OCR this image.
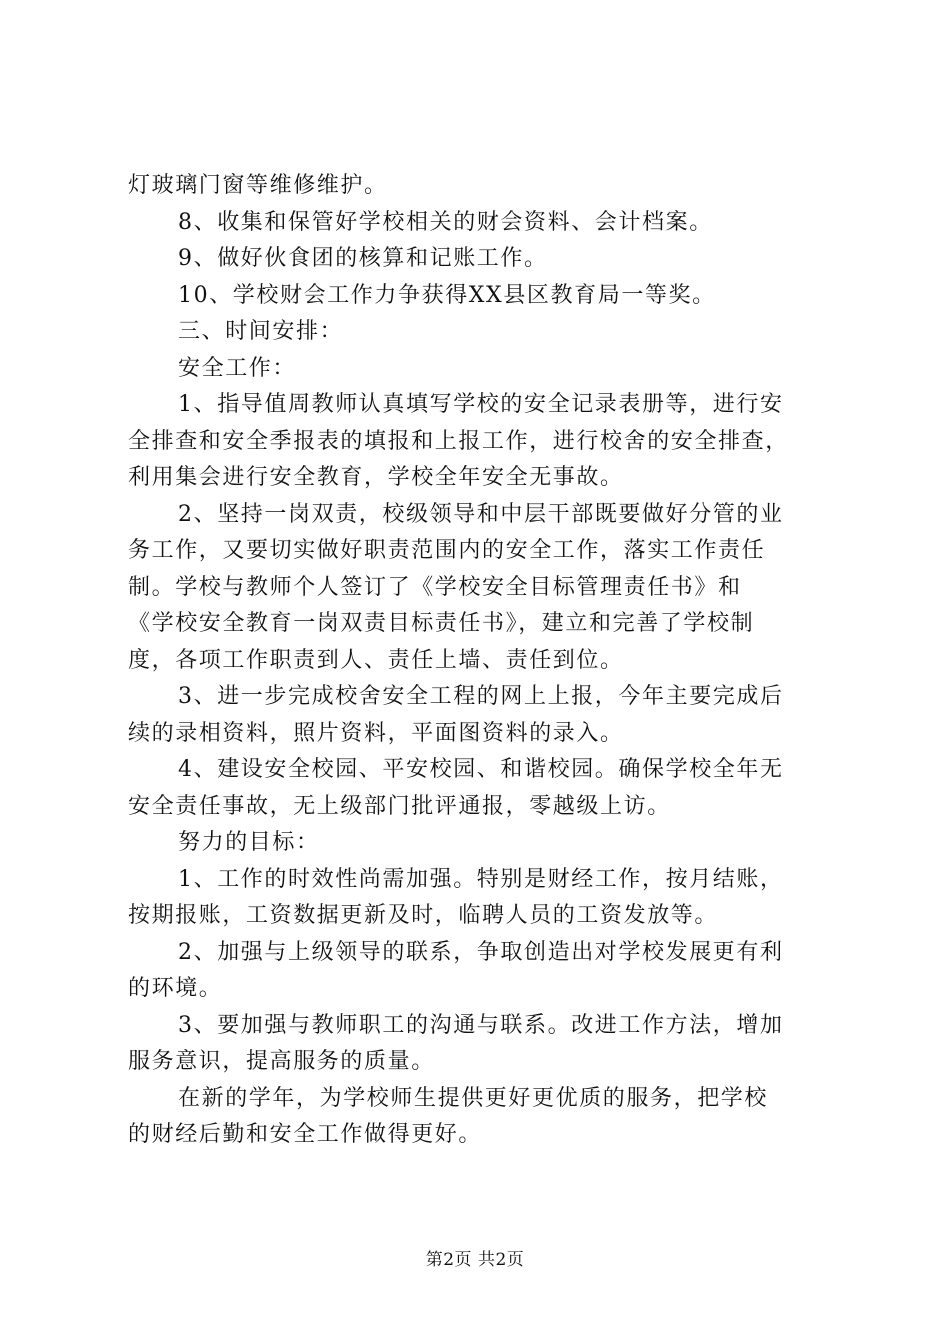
灯玻璃门窗等维修维护。
8、收集和保管好学校相关的财会资料、会计档案。
9、做好伙食团的核算和记账工作。
10、学校财会工作力争获得XX县区教育局一等奖。
三、时间安排：
安全工作：
1、指导值周教师认真填写学校的安全记录表册等，进行安
全排查和安全季报表的填报和上报工作，进行校舍的安全排查，
利用集会进行安全教育，学校全年安全无事故。
2、坚持一岗双责，校级领导和中层干部既要做好分管的业
务工作，又要切实做好职责范围内的安全工作，落实工作责任
制。学校与教师个人签订了《学校安全目标管理责任书》和
《学校安全教育一岗双责目标责任书》，建立和完善了学校制
度，各项工作职责到人、责任上墙、责任到位。
3、进一步完成校舍安全工程的网上上报，今年主要完成后
续的录相资料，照片资料，平面图资料的录入。
4、建设安全校园、平安校园、和谐校园。确保学校全年无
安全责任事故，无上级部门批评通报，零越级上访。
努力的目标：
1、工作的时效性尚需加强。特别是财经工作，按月结账，
按期报账，工资数据更新及时，临聘人员的工资发放等。
2、加强与上级领导的联系，争取创造出对学校发展更有利
的环境。
3、要加强与教师职工的沟通与联系。改进工作方法，增加
服务意识，提高服务的质量。
在新的学年，为学校师生提供更好更优质的服务，把学校
的财经后勤和安全工作做得更好。
第2页 共2页
